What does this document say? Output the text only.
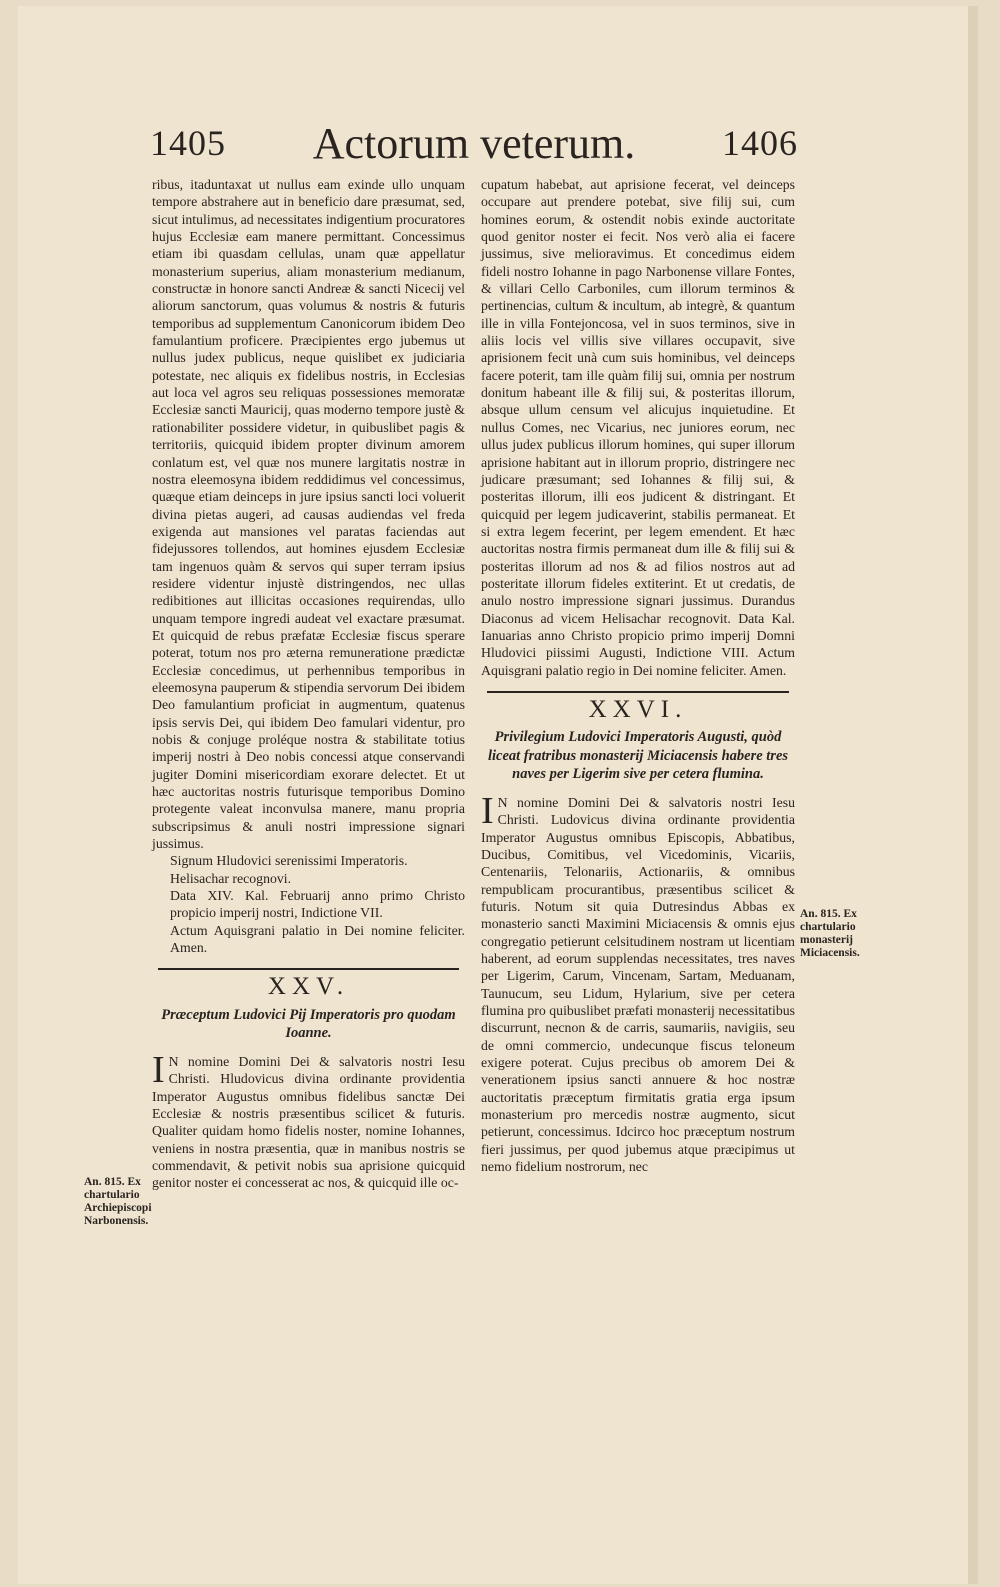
1405	Actorum veterum.	1406

ribus, itaduntaxat ut nullus eam exinde ullo unquam tempore abstrahere aut in beneficio dare præsumat, sed, sicut intulimus, ad necessitates indigentium procuratores hujus Ecclesiæ eam manere permittant. Concessimus etiam ibi quasdam cellulas, unam quæ appellatur monasterium superius, aliam monasterium medianum, constructæ in honore sancti Andreæ & sancti Nicecij vel aliorum sanctorum, quas volumus & nostris & futuris temporibus ad supplementum Canonicorum ibidem Deo famulantium proficere. Præcipientes ergo jubemus ut nullus judex publicus, neque quislibet ex judiciaria potestate, nec aliquis ex fidelibus nostris, in Ecclesias aut loca vel agros seu reliquas possessiones memoratæ Ecclesiæ sancti Mauricij, quas moderno tempore justè & rationabiliter possidere videtur, in quibuslibet pagis & territoriis, quicquid ibidem propter divinum amorem conlatum est, vel quæ nos munere largitatis nostræ in nostra eleemosyna ibidem reddidimus vel concessimus, quæque etiam deinceps in jure ipsius sancti loci voluerit divina pietas augeri, ad causas audiendas vel freda exigenda aut mansiones vel paratas faciendas aut fidejussores tollendos, aut homines ejusdem Ecclesiæ tam ingenuos quàm & servos qui super terram ipsius residere videntur injustè distringendos, nec ullas redibitiones aut illicitas occasiones requirendas, ullo unquam tempore ingredi audeat vel exactare præsumat. Et quicquid de rebus præfatæ Ecclesiæ fiscus sperare poterat, totum nos pro æterna remuneratione prædictæ Ecclesiæ concedimus, ut perhennibus temporibus in eleemosyna pauperum & stipendia servorum Dei ibidem Deo famulantium proficiat in augmentum, quatenus ipsis servis Dei, qui ibidem Deo famulari videntur, pro nobis & conjuge proléque nostra & stabilitate totius imperij nostri à Deo nobis concessi atque conservandi jugiter Domini misericordiam exorare delectet. Et ut hæc auctoritas nostris futurisque temporibus Domino protegente valeat inconvulsa manere, manu propria subscripsimus & anuli nostri impressione signari jussimus.

Signum Hludovici serenissimi Imperatoris.

Helisachar recognovi.

Data XIV. Kal. Februarij anno primo Christo propicio imperij nostri, Indictione VII.

Actum Aquisgrani palatio in Dei nomine feliciter. Amen.

XXV.
Præceptum Ludovici Pij Imperatoris pro quodam Ioanne.

I N nomine Domini Dei & salvatoris nostri Iesu Christi. Hludovicus divina ordinante providentia Imperator Augustus omnibus fidelibus sanctæ Dei Ecclesiæ & nostris præsentibus scilicet & futuris. Qualiter quidam homo fidelis noster, nomine Iohannes, veniens in nostra præsentia, quæ in manibus nostris se commendavit, & petivit nobis sua aprisione quicquid genitor noster ei concesserat ac nos, & quicquid ille oc-

An. 815. Ex chartulario Archiepiscopi Narbonensis.

cupatum habebat, aut aprisione fecerat, vel deinceps occupare aut prendere potebat, sive filij sui, cum homines eorum, & ostendit nobis exinde auctoritate quod genitor noster ei fecit. Nos verò alia ei facere jussimus, sive melioravimus. Et concedimus eidem fideli nostro Iohanne in pago Narbonense villare Fontes, & villari Cello Carboniles, cum illorum terminos & pertinencias, cultum & incultum, ab integrè, & quantum ille in villa Fontejoncosa, vel in suos terminos, sive in aliis locis vel villis sive villares occupavit, sive aprisionem fecit unà cum suis hominibus, vel deinceps facere poterit, tam ille quàm filij sui, omnia per nostrum donitum habeant ille & filij sui, & posteritas illorum, absque ullum censum vel alicujus inquietudine. Et nullus Comes, nec Vicarius, nec juniores eorum, nec ullus judex publicus illorum homines, qui super illorum aprisione habitant aut in illorum proprio, distringere nec judicare præsumant; sed Iohannes & filij sui, & posteritas illorum, illi eos judicent & distringant. Et quicquid per legem judicaverint, stabilis permaneat. Et si extra legem fecerint, per legem emendent. Et hæc auctoritas nostra firmis permaneat dum ille & filij sui & posteritas illorum ad nos & ad filios nostros aut ad posteritate illorum fideles extiterint. Et ut credatis, de anulo nostro impressione signari jussimus. Durandus Diaconus ad vicem Helisachar recognovit. Data Kal. Ianuarias anno Christo propicio primo imperij Domni Hludovici piissimi Augusti, Indictione VIII. Actum Aquisgrani palatio regio in Dei nomine feliciter. Amen.

XXVI.
Privilegium Ludovici Imperatoris Augusti, quòd liceat fratribus monasterij Miciacensis habere tres naves per Ligerim sive per cetera flumina.

I N nomine Domini Dei & salvatoris nostri Iesu Christi. Ludovicus divina ordinante providentia Imperator Augustus omnibus Episcopis, Abbatibus, Ducibus, Comitibus, vel Vicedominis, Vicariis, Centenariis, Telonariis, Actionariis, & omnibus rempublicam procurantibus, præsentibus scilicet & futuris. Notum sit quia Dutresindus Abbas ex monasterio sancti Maximini Miciacensis & omnis ejus congregatio petierunt celsitudinem nostram ut licentiam haberent, ad eorum supplendas necessitates, tres naves per Ligerim, Carum, Vincenam, Sartam, Meduanam, Taunucum, seu Lidum, Hylarium, sive per cetera flumina pro quibuslibet præfati monasterij necessitatibus discurrunt, necnon & de carris, saumariis, navigiis, seu de omni commercio, undecunque fiscus teloneum exigere poterat. Cujus precibus ob amorem Dei & venerationem ipsius sancti annuere & hoc nostræ auctoritatis præceptum firmitatis gratia erga ipsum monasterium pro mercedis nostræ augmento, sicut petierunt, concessimus. Idcirco hoc præceptum nostrum fieri jussimus, per quod jubemus atque præcipimus ut nemo fidelium nostrorum, nec

An. 815. Ex chartulario monasterij Miciacensis.
